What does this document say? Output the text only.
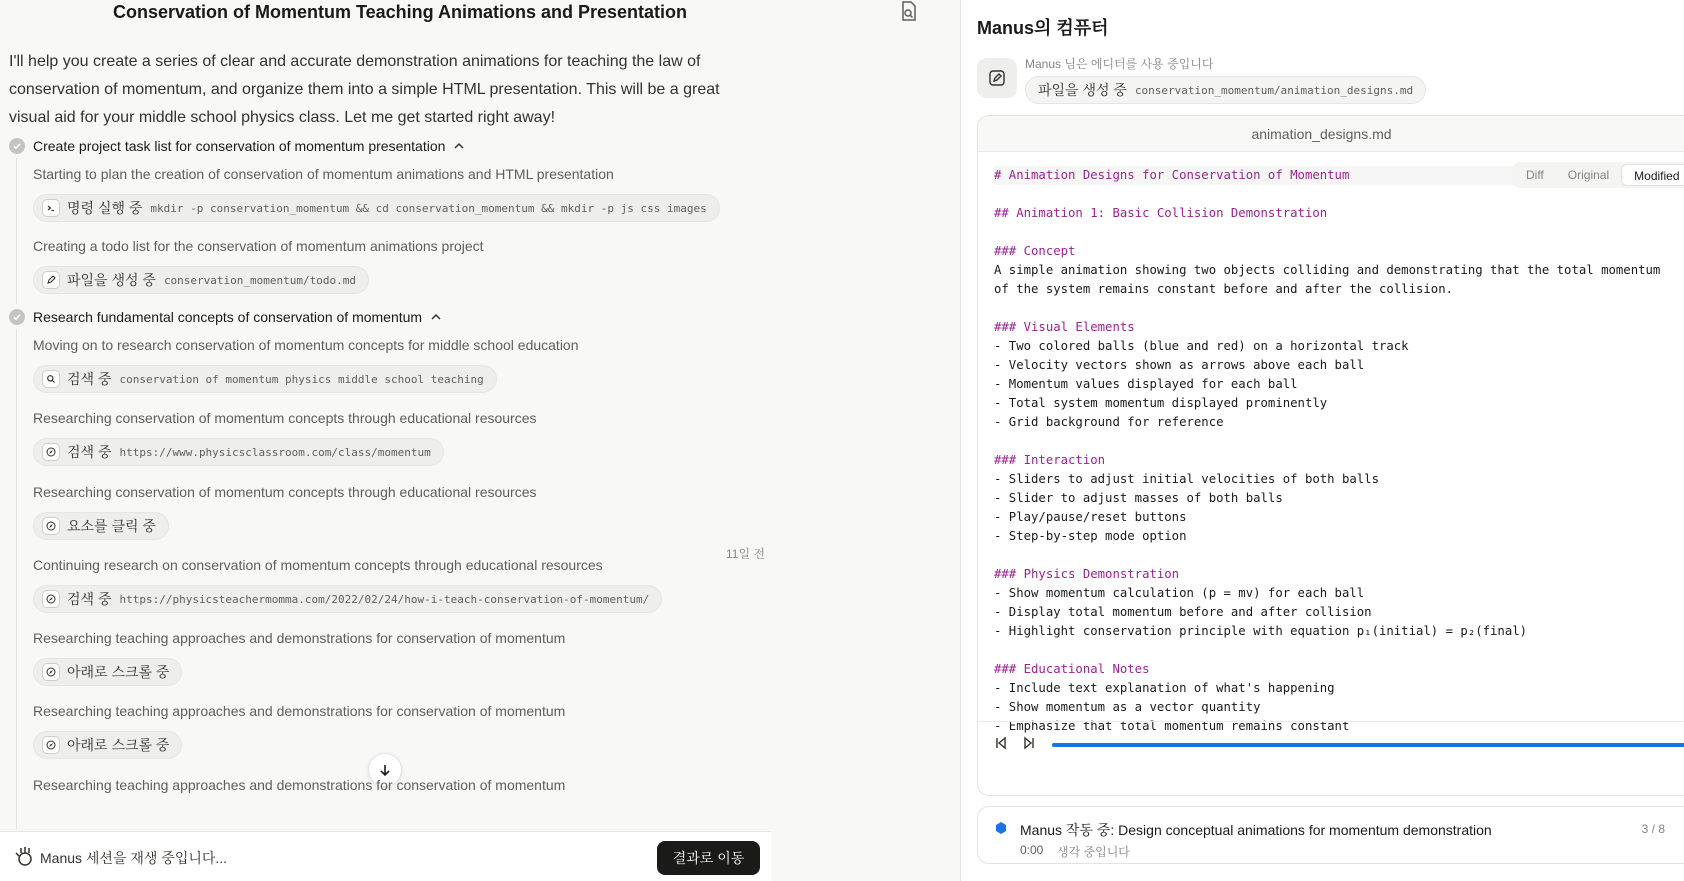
Conservation of Momentum Teaching Animations and Presentation
I'll help you create a series of clear and accurate demonstration animations for teaching the law of conservation of momentum, and organize them into a simple HTML presentation. This will be a great visual aid for your middle school physics class. Let me get started right away!
Create project task list for conservation of momentum presentation
Starting to plan the creation of conservation of momentum animations and HTML presentation
명령 실행 중 mkdir -p conservation_momentum && cd conservation_momentum && mkdir -p js css images
Creating a todo list for the conservation of momentum animations project
파일을 생성 중 conservation_momentum/todo.md
Research fundamental concepts of conservation of momentum
Moving on to research conservation of momentum concepts for middle school education
검색 중 conservation of momentum physics middle school teaching
Researching conservation of momentum concepts through educational resources
검색 중 https://www.physicsclassroom.com/class/momentum
Researching conservation of momentum concepts through educational resources
요소를 클릭 중
11일 전
Continuing research on conservation of momentum concepts through educational resources
검색 중 https://physicsteachermomma.com/2022/02/24/how-i-teach-conservation-of-momentum/
Researching teaching approaches and demonstrations for conservation of momentum
아래로 스크롤 중
Researching teaching approaches and demonstrations for conservation of momentum
아래로 스크롤 중
Researching teaching approaches and demonstrations for conservation of momentum
Manus 세션을 재생 중입니다...	결과로 이동
Manus의 컴퓨터
Manus 님은 에디터를 사용 중입니다
파일을 생성 중 conservation_momentum/animation_designs.md
animation_designs.md
# Animation Designs for Conservation of Momentum

## Animation 1: Basic Collision Demonstration

### Concept
A simple animation showing two objects colliding and demonstrating that the total momentum
of the system remains constant before and after the collision.

### Visual Elements
- Two colored balls (blue and red) on a horizontal track
- Velocity vectors shown as arrows above each ball
- Momentum values displayed for each ball
- Total system momentum displayed prominently
- Grid background for reference

### Interaction
- Sliders to adjust initial velocities of both balls
- Slider to adjust masses of both balls
- Play/pause/reset buttons
- Step-by-step mode option

### Physics Demonstration
- Show momentum calculation (p = mv) for each ball
- Display total momentum before and after collision
- Highlight conservation principle with equation p₁(initial) = p₂(final)

### Educational Notes
- Include text explanation of what's happening
- Show momentum as a vector quantity
- Emphasize that total momentum remains constant
Diff	Original	Modified
Manus 작동 중: Design conceptual animations for momentum demonstration	3 / 8
0:00 생각 중입니다
